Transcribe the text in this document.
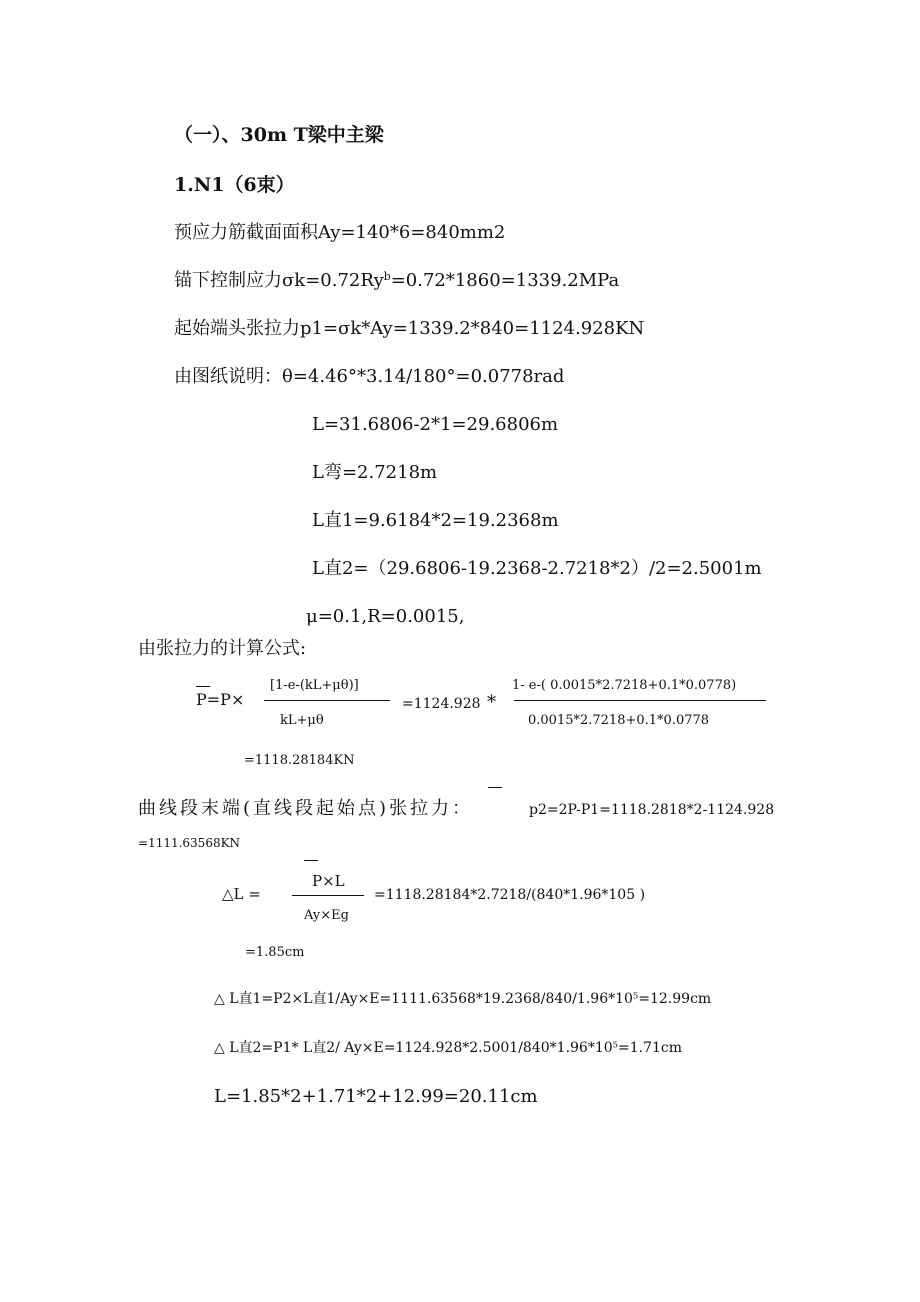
（一）、30m T梁中主梁
1.N1（6束）
预应力筋截面面积Ay=140*6=840mm2
锚下控制应力$\sigma k=0.72Ry^b=0.72*1860=1339.2MPa$
起始端头张拉力p1=σk*Ay=1339.2*840=1124.928KN
由图纸说明：θ=4.46°*3.14/180°=0.0778rad
L=31.6806-2*1=29.6806m
L弯=2.7218m
L直1=9.6184*2=19.2368m
L直2=（29.6806-19.2368-2.7218*2）/2=2.5001m
μ=0.1,R=0.0015,
由张拉力的计算公式:
P=P×
[1-e-(kL+μθ)]
kL+μθ
=1124.928 *
1- e-( 0.0015*2.7218+0.1*0.0778)
0.0015*2.7218+0.1*0.0778
=1118.28184KN
曲线段末端(直线段起始点)张拉力：	p2=2P-P1=1118.2818*2-1124.928
=1111.63568KN
△L =
P×L
Ay×Eg
=1118.28184*2.7218/(840*1.96*105 )
=1.85cm
△ L直1=P2×L直$1/Ay\times E=1111.63568*19.2368/840/1.96*10^5=12.99cm$
△ L直2=P1* L直2/ $Ay\times E=1124.928*2.5001/840*1.96*10^5=1.71cm$
L=1.85*2+1.71*2+12.99=20.11cm
